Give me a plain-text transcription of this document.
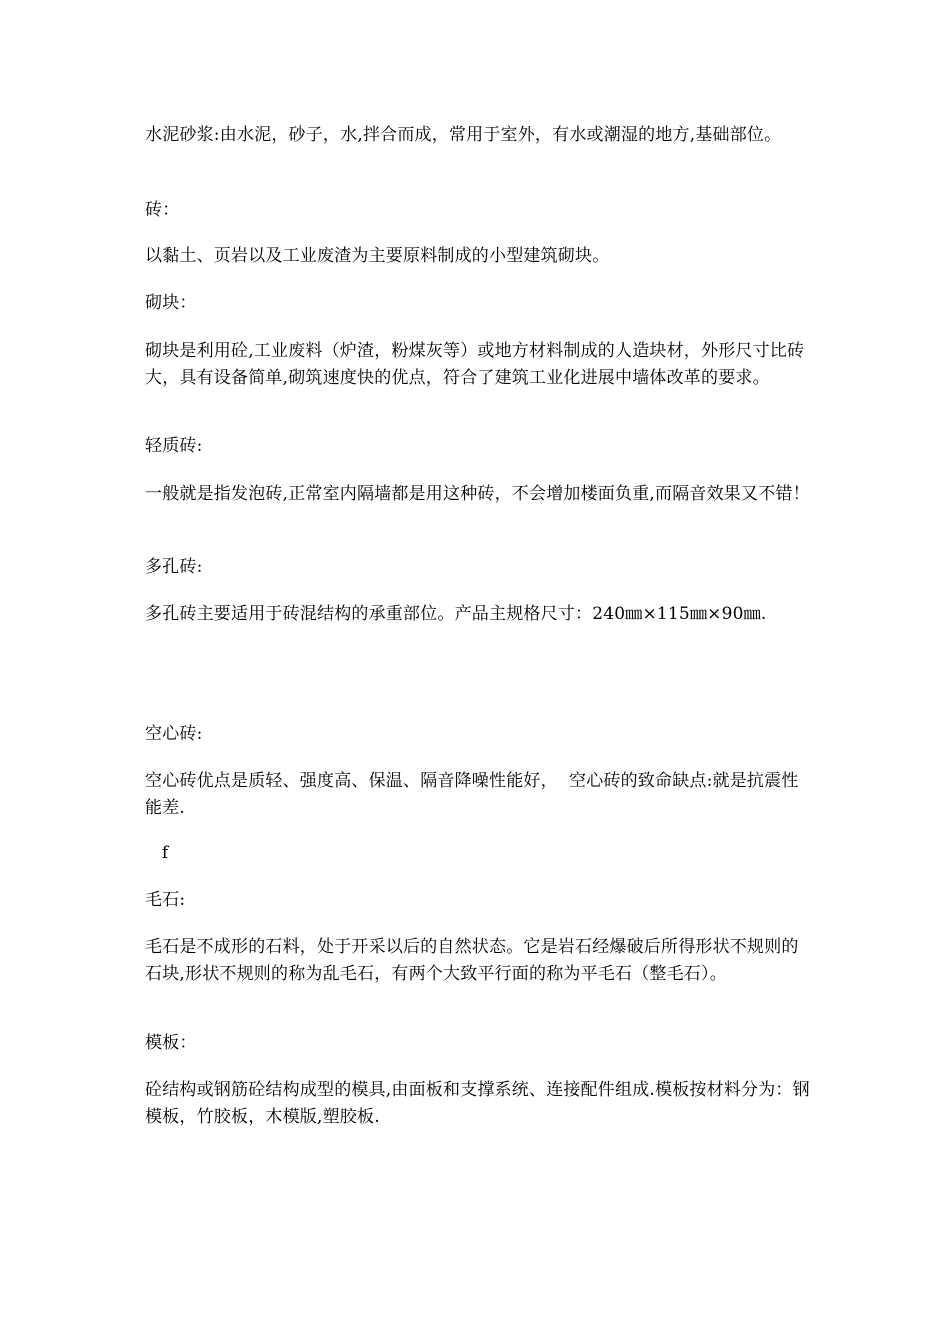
水泥砂浆:由水泥，砂子，水,拌合而成，常用于室外，有水或潮湿的地方,基础部位。

砖：

以黏土、页岩以及工业废渣为主要原料制成的小型建筑砌块。

砌块：

砌块是利用砼,工业废料（炉渣，粉煤灰等）或地方材料制成的人造块材，外形尺寸比砖大，具有设备简单,砌筑速度快的优点，符合了建筑工业化进展中墙体改革的要求。

轻质砖:

一般就是指发泡砖,正常室内隔墙都是用这种砖，不会增加楼面负重,而隔音效果又不错！

多孔砖:

多孔砖主要适用于砖混结构的承重部位。产品主规格尺寸：240㎜×115㎜×90㎜.

空心砖:

空心砖优点是质轻、强度高、保温、隔音降噪性能好，  空心砖的致命缺点:就是抗震性能差.

f

毛石:

毛石是不成形的石料，处于开采以后的自然状态。它是岩石经爆破后所得形状不规则的石块,形状不规则的称为乱毛石，有两个大致平行面的称为平毛石（整毛石）。

模板：

砼结构或钢筋砼结构成型的模具,由面板和支撑系统、连接配件组成.模板按材料分为：钢模板，竹胶板，木模版,塑胶板.
